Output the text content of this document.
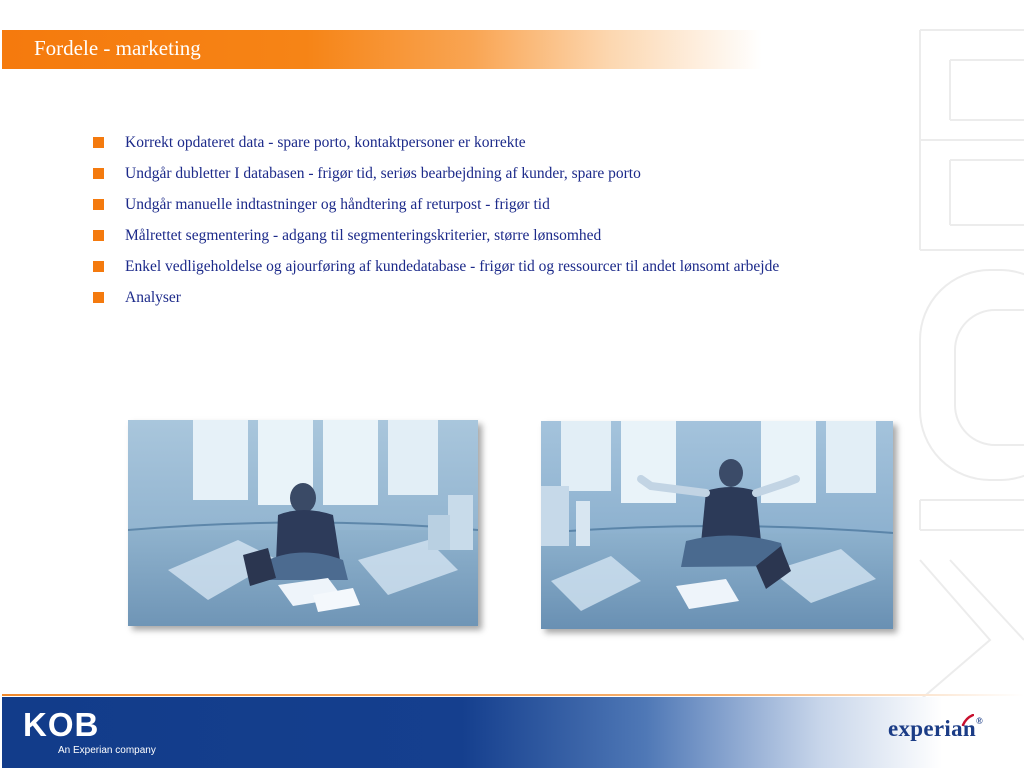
Fordele - marketing
Korrekt opdateret data - spare porto, kontaktpersoner er korrekte
Undgår dubletter I databasen - frigør tid, seriøs bearbejdning af kunder, spare porto
Undgår manuelle indtastninger og håndtering af returpost - frigør tid
Målrettet segmentering - adgang til segmenteringskriterier, større lønsomhed
Enkel vedligeholdelse og ajourføring af kundedatabase - frigør tid og ressourcer til andet lønsomt arbejde
Analyser
KOB
An Experian company
experian®
